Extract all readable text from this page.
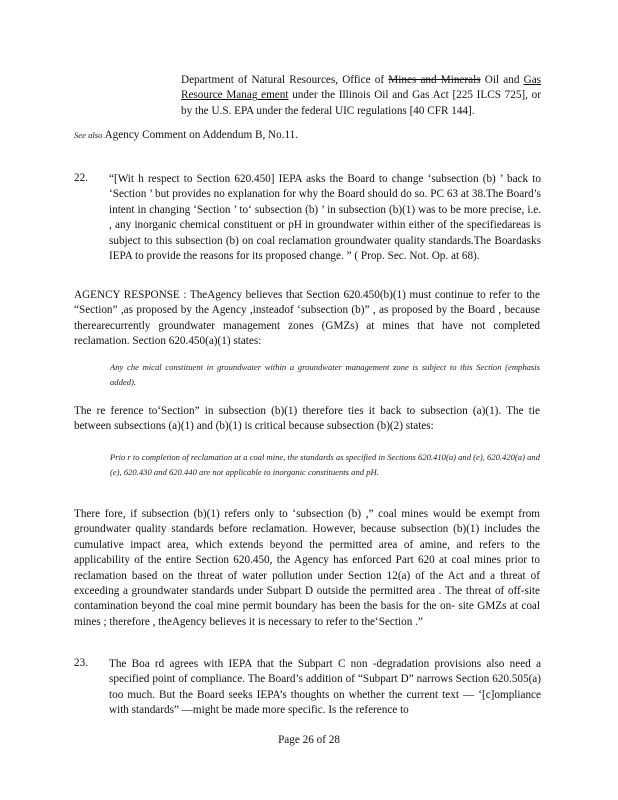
Department of Natural Resources, Office of Mines and Minerals Oil and Gas Resource Manag ement under the Illinois Oil and Gas Act [225 ILCS 725], or by the U.S. EPA under the federal UIC regulations [40 CFR 144].

See also Agency Comment on Addendum B, No.11.

22. “[Wit h respect to Section 620.450] IEPA asks the Board to change ‘subsection (b) ’ back to ‘Section ’ but provides no explanation for why the Board should do so. PC 63 at 38.The Board’s intent in changing ‘Section ’ to‘ subsection (b) ’ in subsection (b)(1) was to be more precise, i.e. , any inorganic chemical constituent or pH in groundwater within either of the specifiedareas is subject to this subsection (b) on coal reclamation groundwater quality standards.The Boardasks IEPA to provide the reasons for its proposed change. ” ( Prop. Sec. Not. Op. at 68).

AGENCY RESPONSE : TheAgency believes that Section 620.450(b)(1) must continue to refer to the “Section” ,as proposed by the Agency ,insteadof ‘subsection (b)” , as proposed by the Board , because therearecurrently groundwater management zones (GMZs) at mines that have not completed reclamation. Section 620.450(a)(1) states:

Any che mical constituent in groundwater within a groundwater management zone is subject to this Section (emphasis added).

The re ference to‘Section” in subsection (b)(1) therefore ties it back to subsection (a)(1). The tie between subsections (a)(1) and (b)(1) is critical because subsection (b)(2) states:

Prio r to completion of reclamation at a coal mine, the standards as specified in Sections 620.410(a) and (e), 620.420(a) and (e), 620.430 and 620.440 are not applicable to inorganic constituents and pH.

There fore, if subsection (b)(1) refers only to ‘subsection (b) ,” coal mines would be exempt from groundwater quality standards before reclamation. However, because subsection (b)(1) includes the cumulative impact area, which extends beyond the permitted area of amine, and refers to the applicability of the entire Section 620.450, the Agency has enforced Part 620 at coal mines prior to reclamation based on the threat of water pollution under Section 12(a) of the Act and a threat of exceeding a groundwater standards under Subpart D outside the permitted area . The threat of off-site contamination beyond the coal mine permit boundary has been the basis for the on- site GMZs at coal mines ; therefore , theAgency believes it is necessary to refer to the‘Section .”

23. The Boa rd agrees with IEPA that the Subpart C non -degradation provisions also need a specified point of compliance. The Board’s addition of “Subpart D” narrows Section 620.505(a) too much. But the Board seeks IEPA’s thoughts on whether the current text — ‘[c]ompliance with standards” —might be made more specific. Is the reference to

Page 26 of 28
